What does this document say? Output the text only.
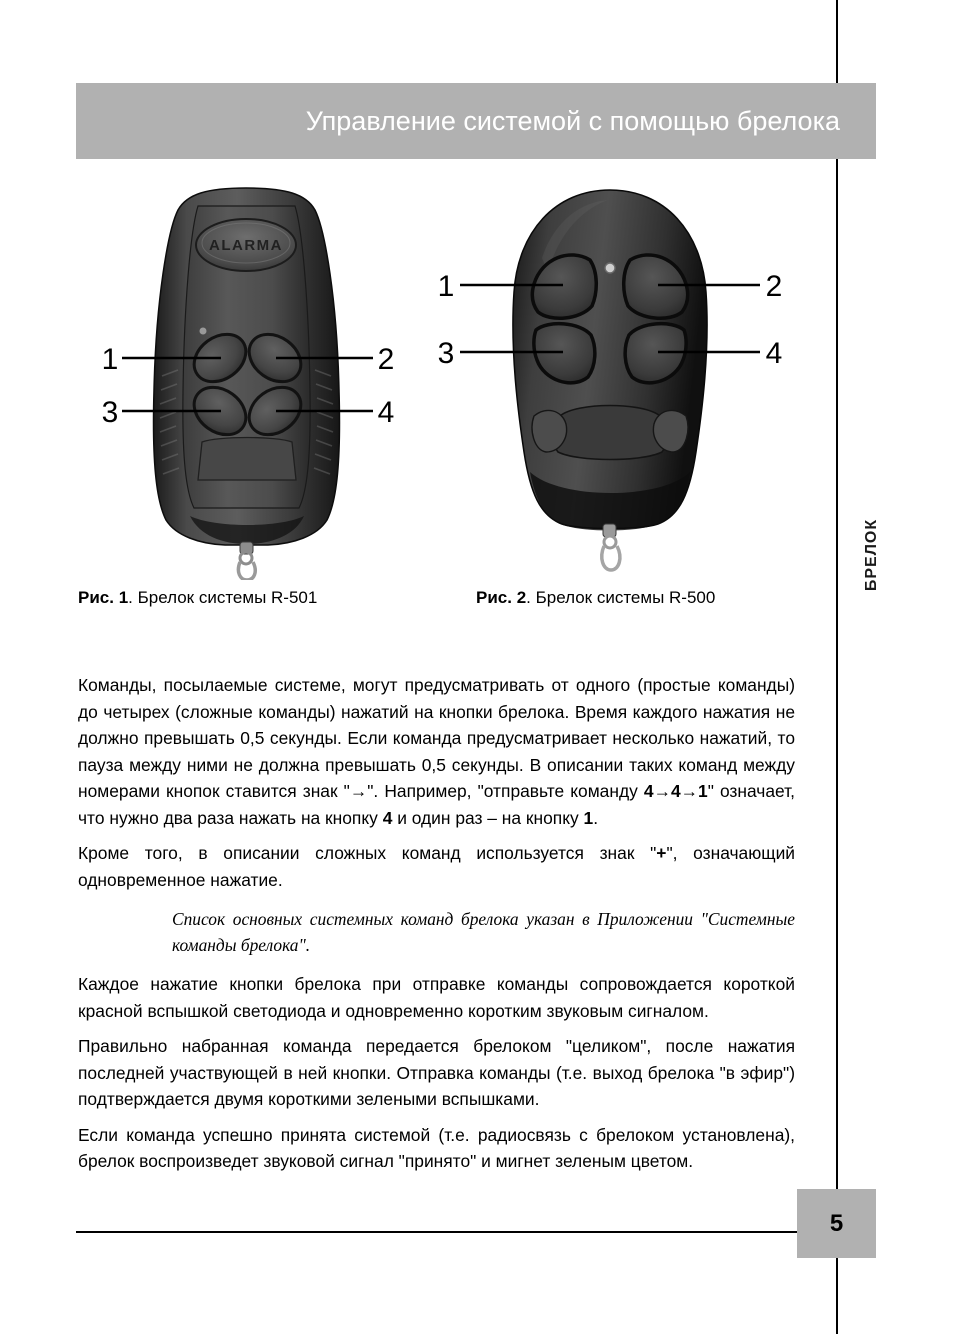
Управление системой с помощью брелока
БРЕЛОК
ALARMA
1	2
3	4
1	2
3	4
Рис. 1. Брелок системы R-501	Рис. 2. Брелок системы R-500

Команды, посылаемые системе, могут предусматривать от одного (простые команды) до четырех (сложные команды) нажатий на кнопки брелока. Время каждого нажатия не должно превышать 0,5 секунды. Если команда предусматривает несколько нажатий, то пауза между ними не должна превышать 0,5 секунды. В описании таких команд между номерами кнопок ставится знак "→". Например, "отправьте команду 4→4→1" означает, что нужно два раза нажать на кнопку 4 и один раз – на кнопку 1.

Кроме того, в описании сложных команд используется знак "+", означающий одновременное нажатие.

Список основных системных команд брелока указан в Приложении "Системные команды брелока".

Каждое нажатие кнопки брелока при отправке команды сопровождается короткой красной вспышкой светодиода и одновременно коротким звуковым сигналом.

Правильно набранная команда передается брелоком "целиком", после нажатия последней участвующей в ней кнопки. Отправка команды (т.е. выход брелока "в эфир") подтверждается двумя короткими зелеными вспышками.

Если команда успешно принята системой (т.е. радиосвязь с брелоком установлена), брелок воспроизведет звуковой сигнал "принято" и мигнет зеленым цветом.

5
